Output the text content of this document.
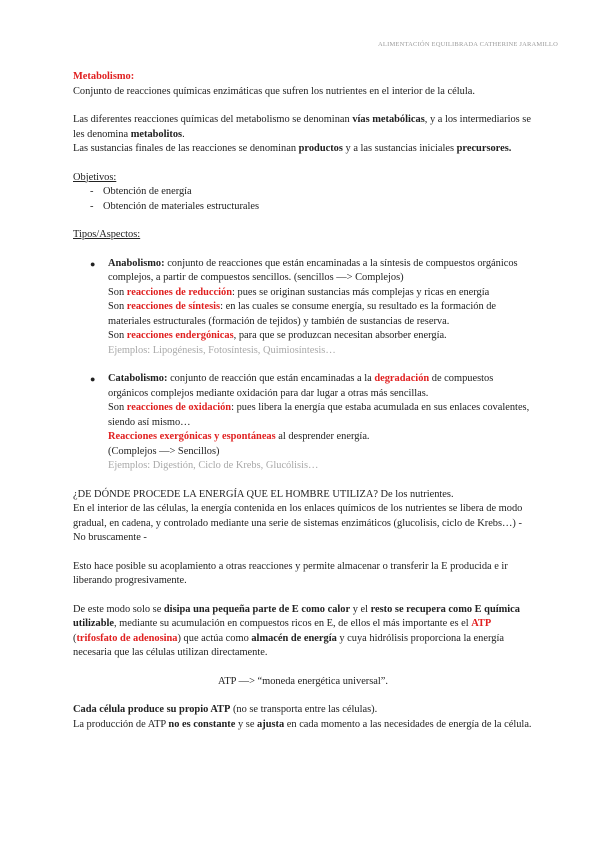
ALIMENTACIÓN EQUILIBRADA CATHERINE JARAMILLO

Metabolismo:

Conjunto de reacciones químicas enzimáticas que sufren los nutrientes en el interior de la célula.

Las diferentes reacciones químicas del metabolismo se denominan vías metabólicas, y a los intermediarios se les denomina metabolitos.

Las sustancias finales de las reacciones se denominan productos y a las sustancias iniciales precursores.

Objetivos:

- Obtención de energía
- Obtención de materiales estructurales

Tipos/Aspectos:

● Anabolismo: conjunto de reacciones que están encaminadas a la síntesis de compuestos orgánicos complejos, a partir de compuestos sencillos. (sencillos —> Complejos)

Son reacciones de reducción: pues se originan sustancias más complejas y ricas en energía

Son reacciones de síntesis: en las cuales se consume energía, su resultado es la formación de materiales estructurales (formación de tejidos) y también de sustancias de reserva.

Son reacciones endergónicas, para que se produzcan necesitan absorber energía.

Ejemplos: Lipogénesis, Fotosíntesis, Quimiosíntesis…

● Catabolismo: conjunto de reacción que están encaminadas a la degradación de compuestos orgánicos complejos mediante oxidación para dar lugar a otras más sencillas.

Son reacciones de oxidación: pues libera la energía que estaba acumulada en sus enlaces covalentes, siendo así mismo…

Reacciones exergónicas y espontáneas al desprender energía.

(Complejos —> Sencillos)

Ejemplos: Digestión, Ciclo de Krebs, Glucólisis…

¿DE DÓNDE PROCEDE LA ENERGÍA QUE EL HOMBRE UTILIZA? De los nutrientes.

En el interior de las células, la energía contenida en los enlaces químicos de los nutrientes se libera de modo gradual, en cadena, y controlado mediante una serie de sistemas enzimáticos (glucolisis, ciclo de Krebs…) - No bruscamente -

Esto hace posible su acoplamiento a otras reacciones y permite almacenar o transferir la E producida e ir liberando progresivamente.

De este modo solo se disipa una pequeña parte de E como calor y el resto se recupera como E química utilizable, mediante su acumulación en compuestos ricos en E, de ellos el más importante es el ATP (trifosfato de adenosina) que actúa como almacén de energía y cuya hidrólisis proporciona la energía necesaria que las células utilizan directamente.

ATP —> “moneda energética universal”.

Cada célula produce su propio ATP (no se transporta entre las células).

La producción de ATP no es constante y se ajusta en cada momento a las necesidades de energía de la célula.
